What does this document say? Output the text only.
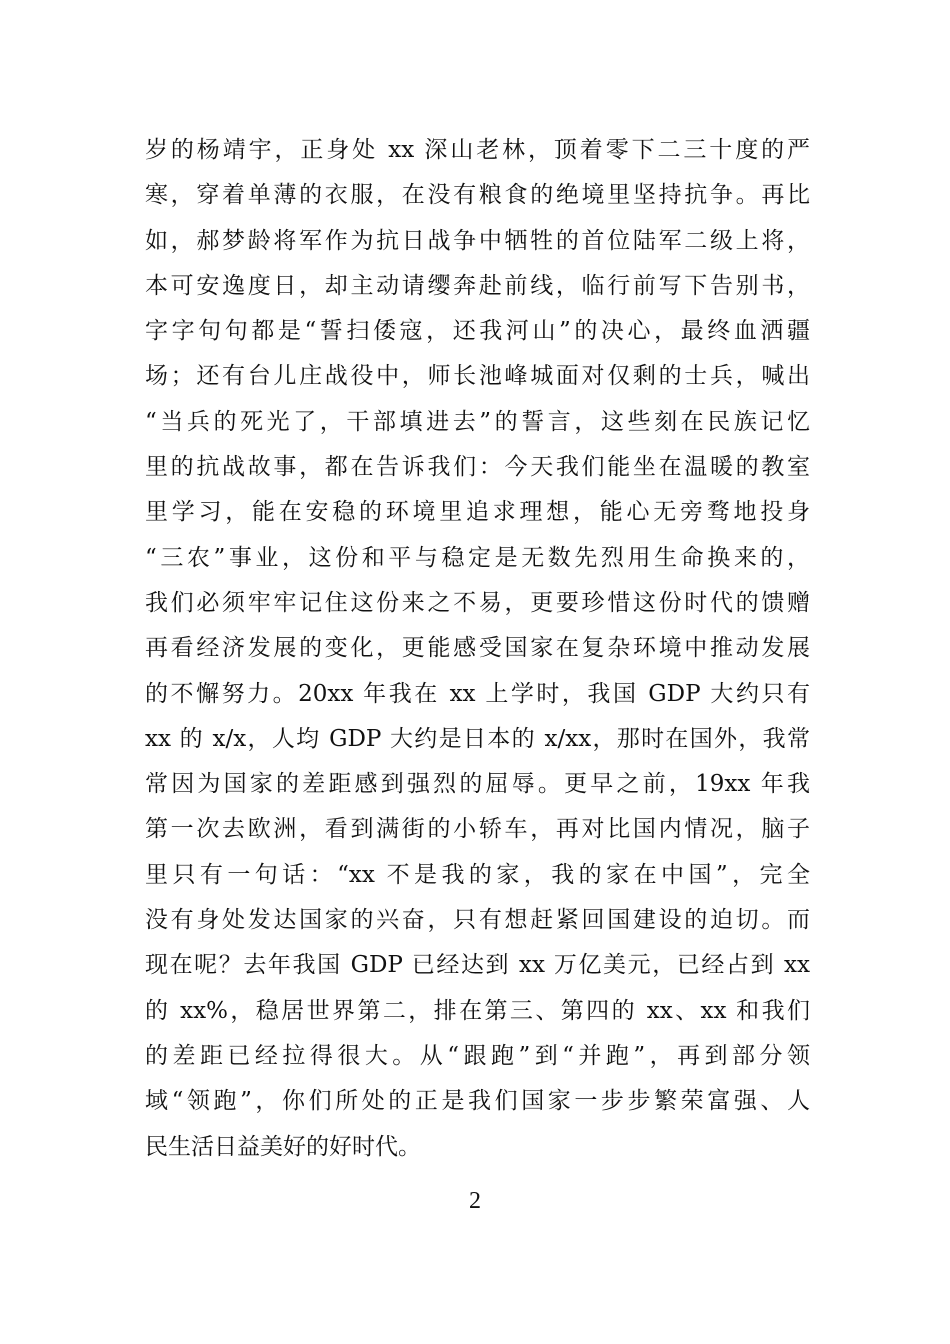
岁的杨靖宇，正身处 xx 深山老林，顶着零下二三十度的严
寒，穿着单薄的衣服，在没有粮食的绝境里坚持抗争。再比
如，郝梦龄将军作为抗日战争中牺牲的首位陆军二级上将，
本可安逸度日，却主动请缨奔赴前线，临行前写下告别书，
字字句句都是“誓扫倭寇，还我河山”的决心，最终血洒疆
场；还有台儿庄战役中，师长池峰城面对仅剩的士兵，喊出
“当兵的死光了，干部填进去”的誓言，这些刻在民族记忆
里的抗战故事，都在告诉我们：今天我们能坐在温暖的教室
里学习，能在安稳的环境里追求理想，能心无旁骛地投身
“三农”事业，这份和平与稳定是无数先烈用生命换来的，
我们必须牢牢记住这份来之不易，更要珍惜这份时代的馈赠
再看经济发展的变化，更能感受国家在复杂环境中推动发展
的不懈努力。20xx 年我在 xx 上学时，我国 GDP 大约只有
xx 的 x/x，人均 GDP 大约是日本的 x/xx，那时在国外，我常
常因为国家的差距感到强烈的屈辱。更早之前，19xx 年我
第一次去欧洲，看到满街的小轿车，再对比国内情况，脑子
里只有一句话：“xx 不是我的家，我的家在中国”，完全
没有身处发达国家的兴奋，只有想赶紧回国建设的迫切。而
现在呢？去年我国 GDP 已经达到 xx 万亿美元，已经占到 xx
的 xx%，稳居世界第二，排在第三、第四的 xx、xx 和我们
的差距已经拉得很大。从“跟跑”到“并跑”，再到部分领
域“领跑”，你们所处的正是我们国家一步步繁荣富强、人
民生活日益美好的好时代。
2
